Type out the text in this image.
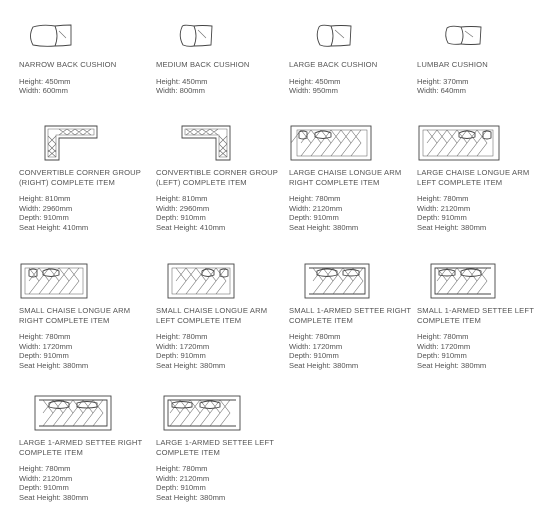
NARROW BACK CUSHION
Height: 450mm
Width: 600mm
MEDIUM BACK CUSHION
Height: 450mm
Width: 800mm
LARGE BACK CUSHION
Height: 450mm
Width: 950mm
LUMBAR CUSHION
Height: 370mm
Width: 640mm
CONVERTIBLE CORNER GROUP
(RIGHT) COMPLETE ITEM
Height: 810mm
Width: 2960mm
Depth: 910mm
Seat Height: 410mm
CONVERTIBLE CORNER GROUP
(LEFT) COMPLETE ITEM
Height: 810mm
Width: 2960mm
Depth: 910mm
Seat Height: 410mm
LARGE CHAISE LONGUE ARM
RIGHT COMPLETE ITEM
Height: 780mm
Width: 2120mm
Depth: 910mm
Seat Height: 380mm
LARGE CHAISE LONGUE ARM
LEFT COMPLETE ITEM
Height: 780mm
Width: 2120mm
Depth: 910mm
Seat Height: 380mm
SMALL CHAISE LONGUE ARM
RIGHT COMPLETE ITEM
Height: 780mm
Width: 1720mm
Depth: 910mm
Seat Height: 380mm
SMALL CHAISE LONGUE ARM
LEFT COMPLETE ITEM
Height: 780mm
Width: 1720mm
Depth: 910mm
Seat Height: 380mm
SMALL 1-ARMED SETTEE RIGHT
COMPLETE ITEM
Height: 780mm
Width: 1720mm
Depth: 910mm
Seat Height: 380mm
SMALL 1-ARMED SETTEE LEFT
COMPLETE ITEM
Height: 780mm
Width: 1720mm
Depth: 910mm
Seat Height: 380mm
LARGE 1-ARMED SETTEE RIGHT
COMPLETE ITEM
Height: 780mm
Width: 2120mm
Depth: 910mm
Seat Height: 380mm
LARGE 1-ARMED SETTEE LEFT
COMPLETE ITEM
Height: 780mm
Width: 2120mm
Depth: 910mm
Seat Height: 380mm
